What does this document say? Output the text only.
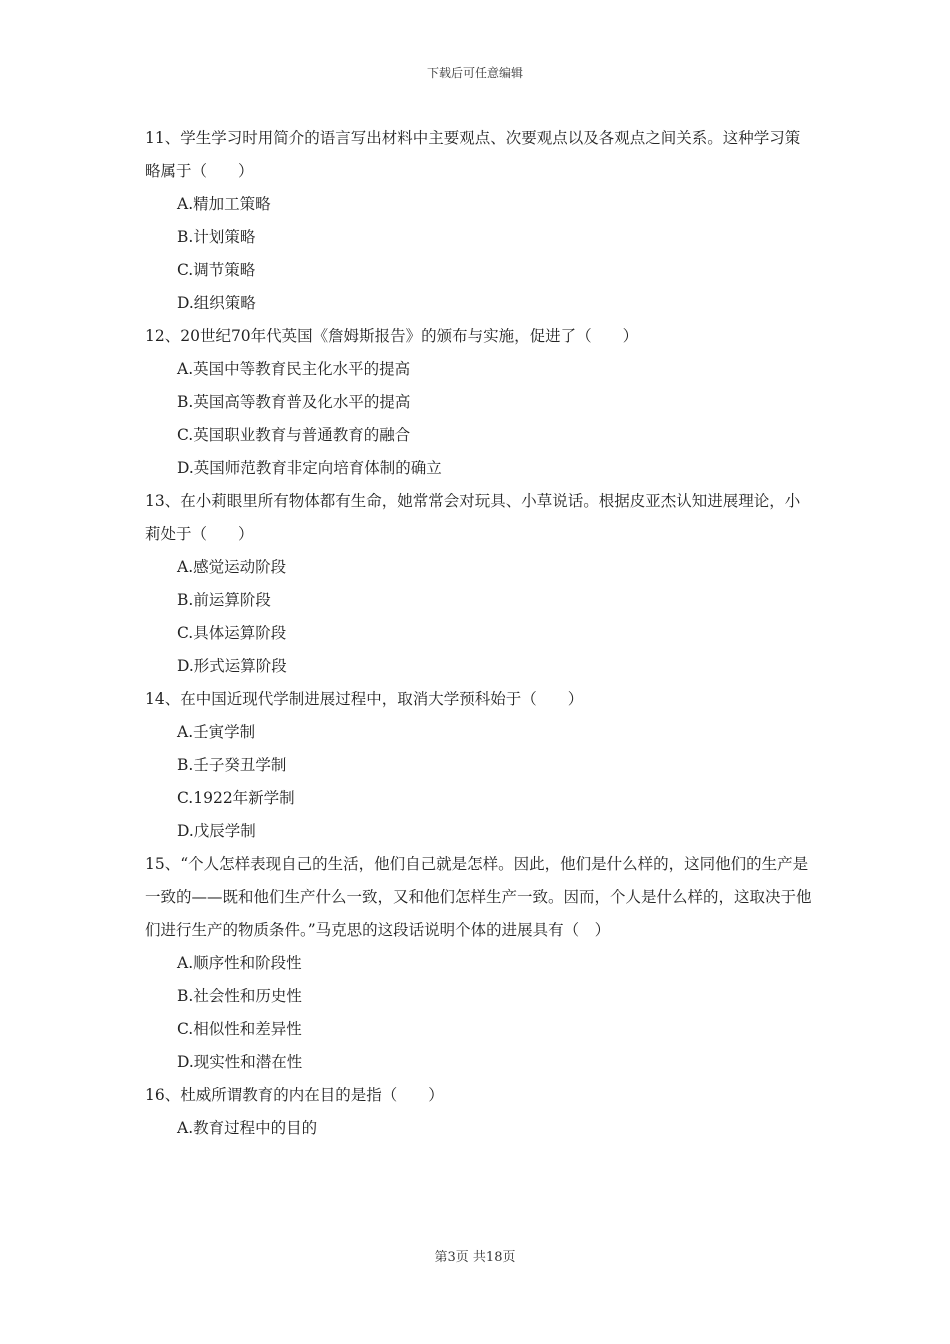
下载后可任意编辑

11、学生学习时用简介的语言写出材料中主要观点、次要观点以及各观点之间关系。这种学习策略属于（　　）

A.精加工策略

B.计划策略

C.调节策略

D.组织策略

12、20世纪70年代英国《詹姆斯报告》的颁布与实施，促进了（　　）

A.英国中等教育民主化水平的提高

B.英国高等教育普及化水平的提高

C.英国职业教育与普通教育的融合

D.英国师范教育非定向培育体制的确立

13、在小莉眼里所有物体都有生命，她常常会对玩具、小草说话。根据皮亚杰认知进展理论，小莉处于（　　）

A.感觉运动阶段

B.前运算阶段

C.具体运算阶段

D.形式运算阶段

14、在中国近现代学制进展过程中，取消大学预科始于（　　）

A.壬寅学制

B.壬子癸丑学制

C.1922年新学制

D.戊辰学制

15、“个人怎样表现自己的生活，他们自己就是怎样。因此，他们是什么样的，这同他们的生产是一致的——既和他们生产什么一致，又和他们怎样生产一致。因而，个人是什么样的，这取决于他们进行生产的物质条件。”马克思的这段话说明个体的进展具有（　）

A.顺序性和阶段性

B.社会性和历史性

C.相似性和差异性

D.现实性和潜在性

16、杜威所谓教育的内在目的是指（　　）

A.教育过程中的目的

第3页 共18页
